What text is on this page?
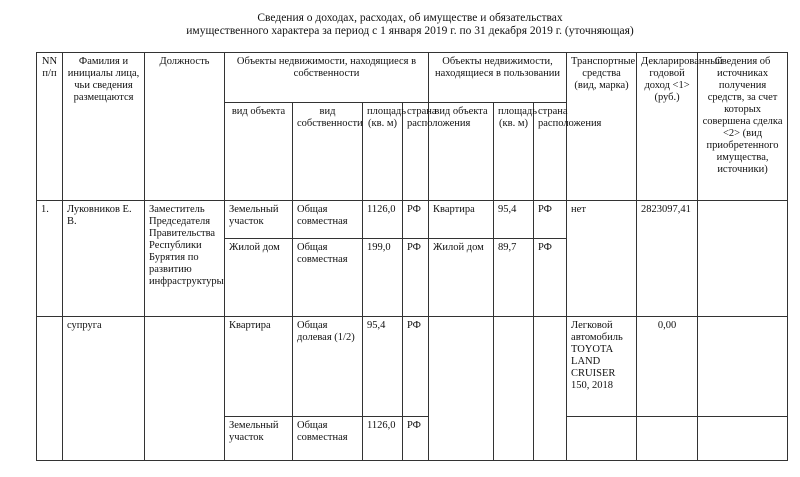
Сведения о доходах, расходах, об имуществе и обязательствах
имущественного характера за период с 1 января 2019 г. по 31 декабря 2019 г. (уточняющая)
NN п/п	Фамилия и инициалы лица, чьи сведения размещаются	Должность	Объекты недвижимости, находящиеся в собственности				Объекты недвижимости, находящиеся в пользовании			Транспортные средства (вид, марка)	Декларированный годовой доход <1> (руб.)	Сведения об источниках получения средств, за счет которых совершена сделка <2> (вид приобретенного имущества, источники)
			вид объекта	вид собственности	площадь (кв. м)	страна расположения	вид объекта	площадь (кв. м)	страна расположения			
1.	Луковников Е. В.	Заместитель Председателя Правительства Республики Бурятия по развитию инфраструктуры	Земельный участок	Общая совместная	1126,0	РФ	Квартира	95,4	РФ	нет	2823097,41	
			Жилой дом	Общая совместная	199,0	РФ	Жилой дом	89,7	РФ			
	супруга		Квартира	Общая долевая (1/2)	95,4	РФ				Легковой автомобиль TOYOTA LAND CRUISER 150, 2018	0,00	
			Земельный участок	Общая совместная	1126,0	РФ						
